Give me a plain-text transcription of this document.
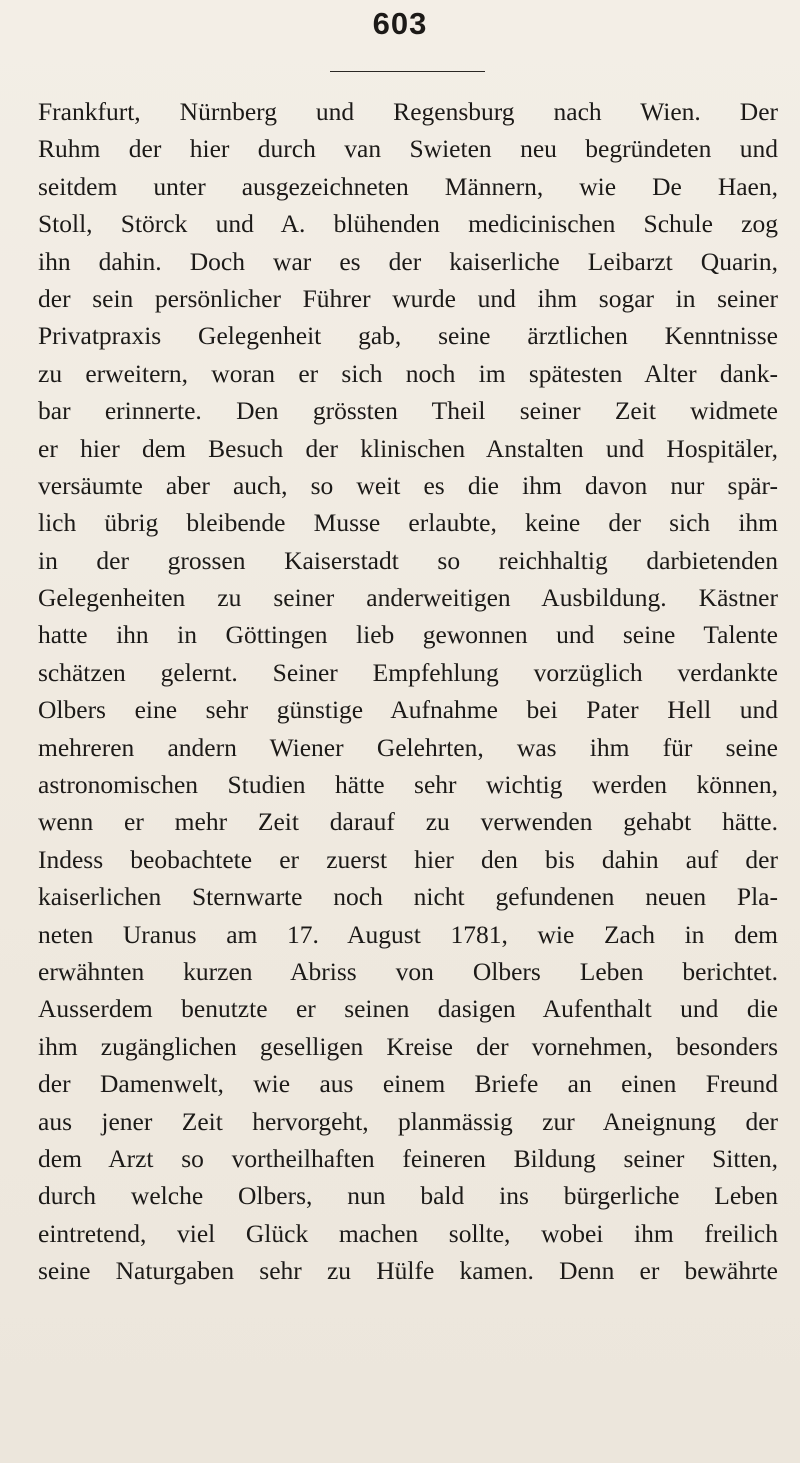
603
Frankfurt, Nürnberg und Regensburg nach Wien. Der
Ruhm der hier durch van Swieten neu begründeten und
seitdem unter ausgezeichneten Männern, wie De Haen,
Stoll, Störck und A. blühenden medicinischen Schule zog
ihn dahin. Doch war es der kaiserliche Leibarzt Quarin,
der sein persönlicher Führer wurde und ihm sogar in seiner
Privatpraxis Gelegenheit gab, seine ärztlichen Kenntnisse
zu erweitern, woran er sich noch im spätesten Alter dank-
bar erinnerte. Den grössten Theil seiner Zeit widmete
er hier dem Besuch der klinischen Anstalten und Hospitäler,
versäumte aber auch, so weit es die ihm davon nur spär-
lich übrig bleibende Musse erlaubte, keine der sich ihm
in der grossen Kaiserstadt so reichhaltig darbietenden
Gelegenheiten zu seiner anderweitigen Ausbildung. Kästner
hatte ihn in Göttingen lieb gewonnen und seine Talente
schätzen gelernt. Seiner Empfehlung vorzüglich verdankte
Olbers eine sehr günstige Aufnahme bei Pater Hell und
mehreren andern Wiener Gelehrten, was ihm für seine
astronomischen Studien hätte sehr wichtig werden können,
wenn er mehr Zeit darauf zu verwenden gehabt hätte.
Indess beobachtete er zuerst hier den bis dahin auf der
kaiserlichen Sternwarte noch nicht gefundenen neuen Pla-
neten Uranus am 17. August 1781, wie Zach in dem
erwähnten kurzen Abriss von Olbers Leben berichtet.
Ausserdem benutzte er seinen dasigen Aufenthalt und die
ihm zugänglichen geselligen Kreise der vornehmen, besonders
der Damenwelt, wie aus einem Briefe an einen Freund
aus jener Zeit hervorgeht, planmässig zur Aneignung der
dem Arzt so vortheilhaften feineren Bildung seiner Sitten,
durch welche Olbers, nun bald ins bürgerliche Leben
eintretend, viel Glück machen sollte, wobei ihm freilich
seine Naturgaben sehr zu Hülfe kamen. Denn er bewährte
